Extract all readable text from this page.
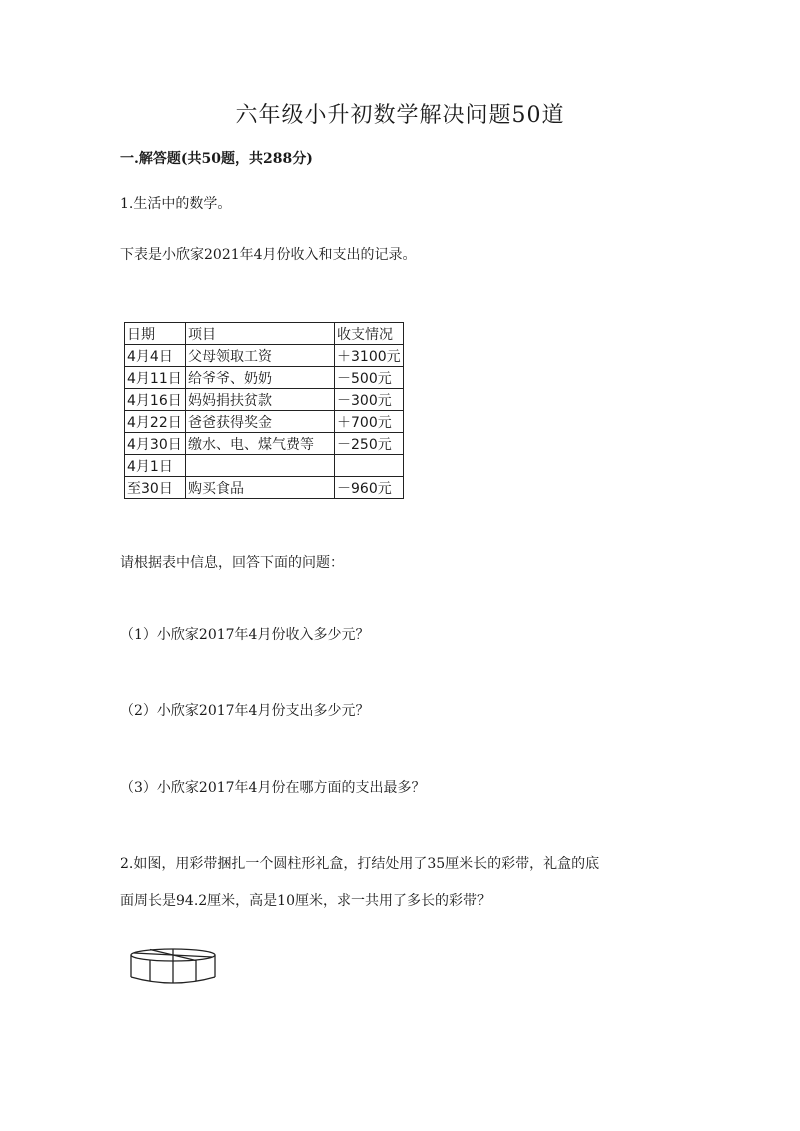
六年级小升初数学解决问题50道
一.解答题(共50题，共288分)
1.生活中的数学。
下表是小欣家2021年4月份收入和支出的记录。
日期	项目	收支情况
4月4日	父母领取工资	＋3100元
4月11日	给爷爷、奶奶	－500元
4月16日	妈妈捐扶贫款	－300元
4月22日	爸爸获得奖金	＋700元
4月30日	缴水、电、煤气费等	－250元
4月1日		
至30日	购买食品	－960元
请根据表中信息，回答下面的问题：
（1）小欣家2017年4月份收入多少元？
（2）小欣家2017年4月份支出多少元？
（3）小欣家2017年4月份在哪方面的支出最多？
2.如图，用彩带捆扎一个圆柱形礼盒，打结处用了35厘米长的彩带，礼盒的底
面周长是94.2厘米，高是10厘米，求一共用了多长的彩带？
